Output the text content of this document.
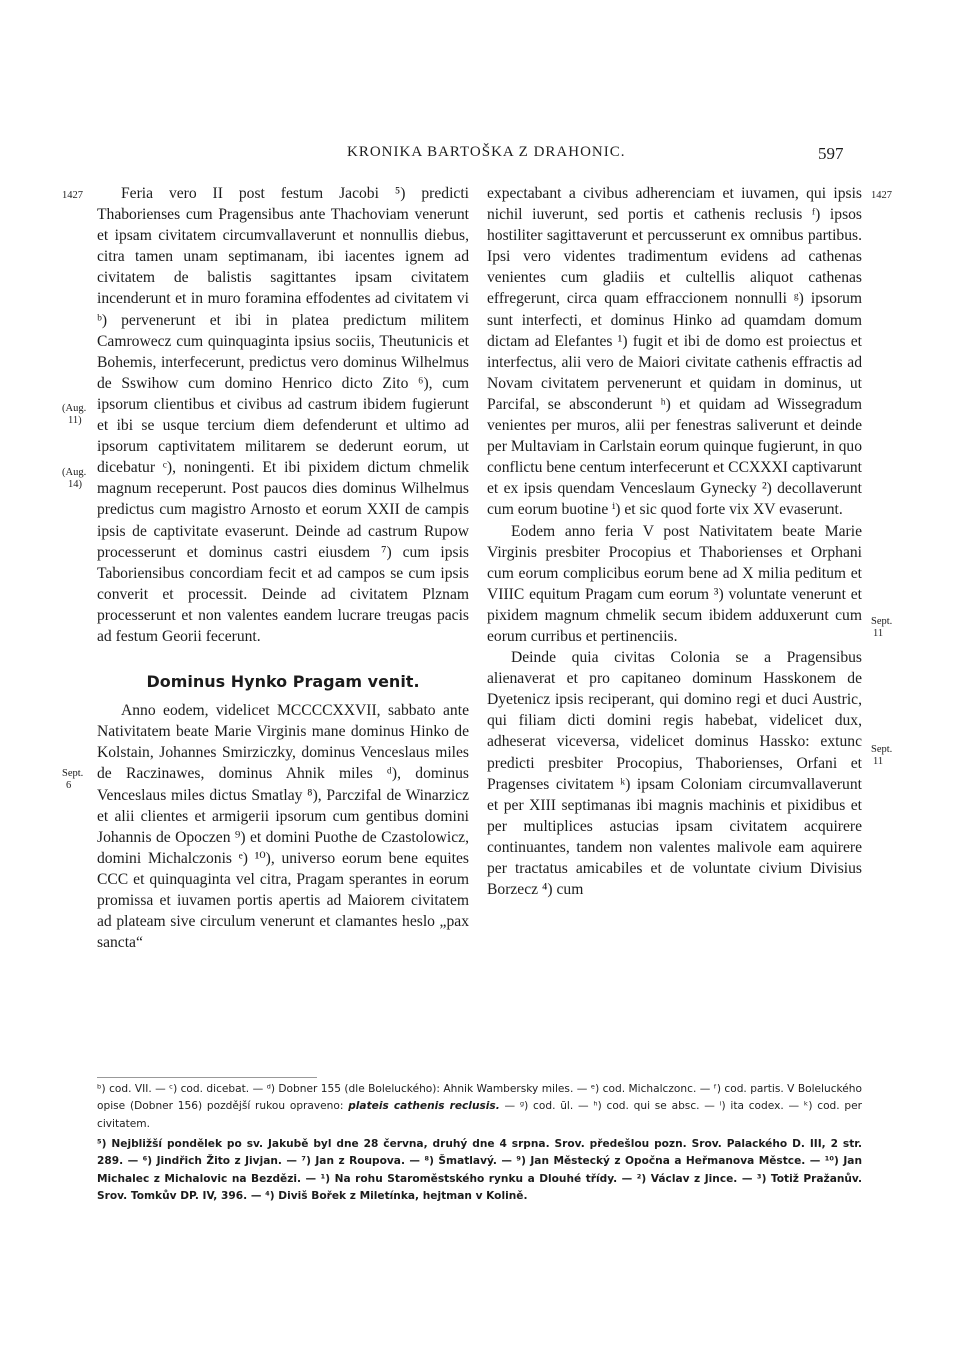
KRONIKA BARTOŠKA Z DRAHONIC.	597
1427	1427
(Aug.
11)
(Aug.
14)
Sept.
6
Sept.
11
Sept.
11

Feria vero II post festum Jacobi ⁵) predicti Thaborienses cum Pragensibus ante Thachoviam venerunt et ipsam civitatem circumvallaverunt et nonnullis diebus, citra tamen unam septimanam, ibi iacentes ignem ad civitatem de balistis sagittantes ipsam civitatem incenderunt et in muro foramina effodentes ad civitatem vi ᵇ) pervenerunt et ibi in platea predictum militem Camrowecz cum quinquaginta ipsius sociis, Theutunicis et Bohemis, interfecerunt, predictus vero dominus Wilhelmus de Sswihow cum domino Henrico dicto Zito ⁶), cum ipsorum clientibus et civibus ad castrum ibidem fugierunt et ibi se usque tercium diem defenderunt et ultimo ad ipsorum captivitatem militarem se dederunt eorum, ut dicebatur ᶜ), noningenti. Et ibi pixidem dictum chmelik magnum receperunt. Post paucos dies dominus Wilhelmus predictus cum magistro Arnosto et eorum XXII de campis ipsis de captivitate evaserunt. Deinde ad castrum Rupow processerunt et dominus castri eiusdem ⁷) cum ipsis Taboriensibus concordiam fecit et ad campos se cum ipsis converit et processit. Deinde ad civitatem Plznam processerunt et non valentes eandem lucrare treugas pacis ad festum Georii fecerunt.

Dominus Hynko Pragam venit.

Anno eodem, videlicet MCCCCXXVII, sabbato ante Nativitatem beate Marie Virginis mane dominus Hinko de Kolstain, Johannes Smirziczky, dominus Venceslaus miles de Raczinawes, dominus Ahnik miles ᵈ), dominus Venceslaus miles dictus Smatlay ⁸), Parczifal de Winarziсz et alii clientes et armigerii ipsorum cum gentibus domini Johannis de Opoczen ⁹) et domini Puothe de Czastolowicz, domini Michalczonis ᵉ) ¹⁰), universo eorum bene equites CCC et quinquaginta vel citra, Pragam sperantes in eorum promissa et iuvamen portis apertis ad Maiorem civitatem ad plateam sive circulum venerunt et clamantes heslo „pax sancta“

expectabant a civibus adherenciam et iuvamen, qui ipsis nichil iuverunt, sed portis et cathenis reclusis ᶠ) ipsos hostiliter sagittaverunt et percusserunt ex omnibus partibus. Ipsi vero videntes tradimentum evidens ad cathenas venientes cum gladiis et cultellis aliquot cathenas effregerunt, circa quam effraccionem nonnulli ᵍ) ipsorum sunt interfecti, et dominus Hinko ad quamdam domum dictam ad Elefantes ¹) fugit et ibi de domo est proiectus et interfectus, alii vero de Maiori civitate cathenis effractis ad Novam civitatem pervenerunt et quidam in dominus, ut Parcifal, se absconderunt ʰ) et quidam ad Wissegradum venientes per muros, alii per fenestras saliverunt et deinde per Multaviam in Carlstain eorum quinque fugierunt, in quo conflictu bene centum interfecerunt et CCXXXI captivarunt et ex ipsis quendam Venceslaum Gynecky ²) decollaverunt cum eorum buotine ⁱ) et sic quod forte vix XV evaserunt.

Eodem anno feria V post Nativitatem beate Marie Virginis presbiter Procopius et Thaborienses et Orphani cum eorum complicibus eorum bene ad X milia peditum et VIIIC equitum Pragam cum eorum ³) voluntate venerunt et pixidem magnum chmelik secum ibidem adduxerunt cum eorum curribus et pertinenciis.

Deinde quia civitas Colonia se a Pragensibus alienaverat et pro capitaneo dominum Hasskonem de Dyetenicz ipsis reciperant, qui domino regi et duci Austric, qui filiam dicti domini regis habebat, videlicet dux, adheserat viceversa, videlicet dominus Hassko: extunc predicti presbiter Procopius, Thaborienses, Orfani et Pragenses civitatem ᵏ) ipsam Coloniam circumvallaverunt et per XIII septimanas ibi magnis machinis et pixidibus et per multiplices astucias ipsam civitatem acquirere continuantes, tandem non valentes malivole eam aquirere per tractatus amicabiles et de voluntate civium Divisius Borzecz ⁴) cum

ᵇ) cod. VII. — ᶜ) cod. dicebat. — ᵈ) Dobner 155 (dle Boleluckého): Ahnik Wambersky miles. — ᵉ) cod. Michalczonc. — ᶠ) cod. partis. V Boleluckého opise (Dobner 156) pozdější rukou opraveno: plateis cathenis reclusis. — ᵍ) cod. ūl. — ʰ) cod. qui se absc. — ⁱ) ita codex. — ᵏ) cod. per civitatem.
⁵) Nejbližší pondělek po sv. Jakubě byl dne 28 června, druhý dne 4 srpna. Srov. předešlou pozn. Srov. Palackého D. III, 2 str. 289. — ⁶) Jindřich Žito z Jivjan. — ⁷) Jan z Roupova. — ⁸) Šmatlavý. — ⁹) Jan Městecký z Opočna a Heřmanova Městce. — ¹⁰) Jan Michalec z Michalovic na Bezdězi. — ¹) Na rohu Staroměstského rynku a Dlouhé třídy. — ²) Václav z Jince. — ³) Totiž Pražanův. Srov. Tomkův DP. IV, 396. — ⁴) Diviš Bořek z Miletínka, hejtman v Kolině.
